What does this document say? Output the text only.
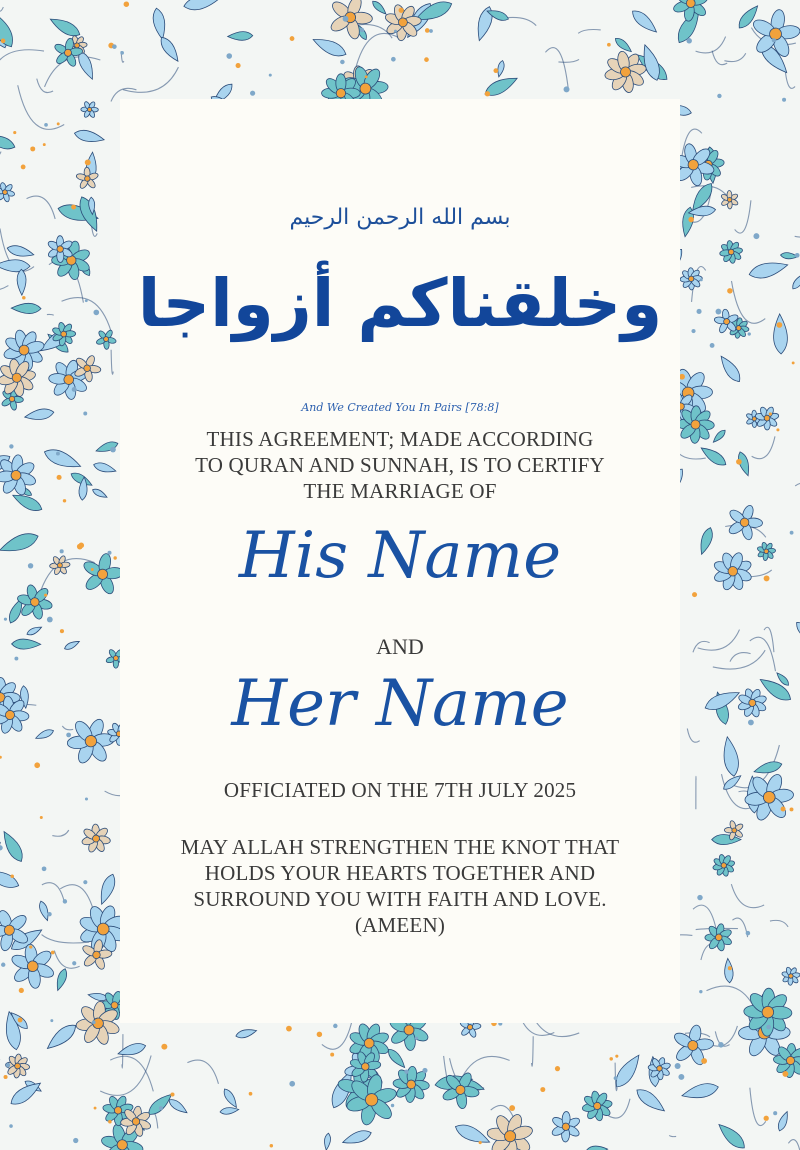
بسم الله الرحمن الرحيم
وخلقناكم أزواجا
And We Created You In Pairs [78:8]
THIS AGREEMENT; MADE ACCORDING
TO QURAN AND SUNNAH, IS TO CERTIFY
THE MARRIAGE OF
His Name
AND
Her Name
OFFICIATED ON THE 7TH JULY 2025
MAY ALLAH STRENGTHEN THE KNOT THAT
HOLDS YOUR HEARTS TOGETHER AND
SURROUND YOU WITH FAITH AND LOVE.
(AMEEN)
